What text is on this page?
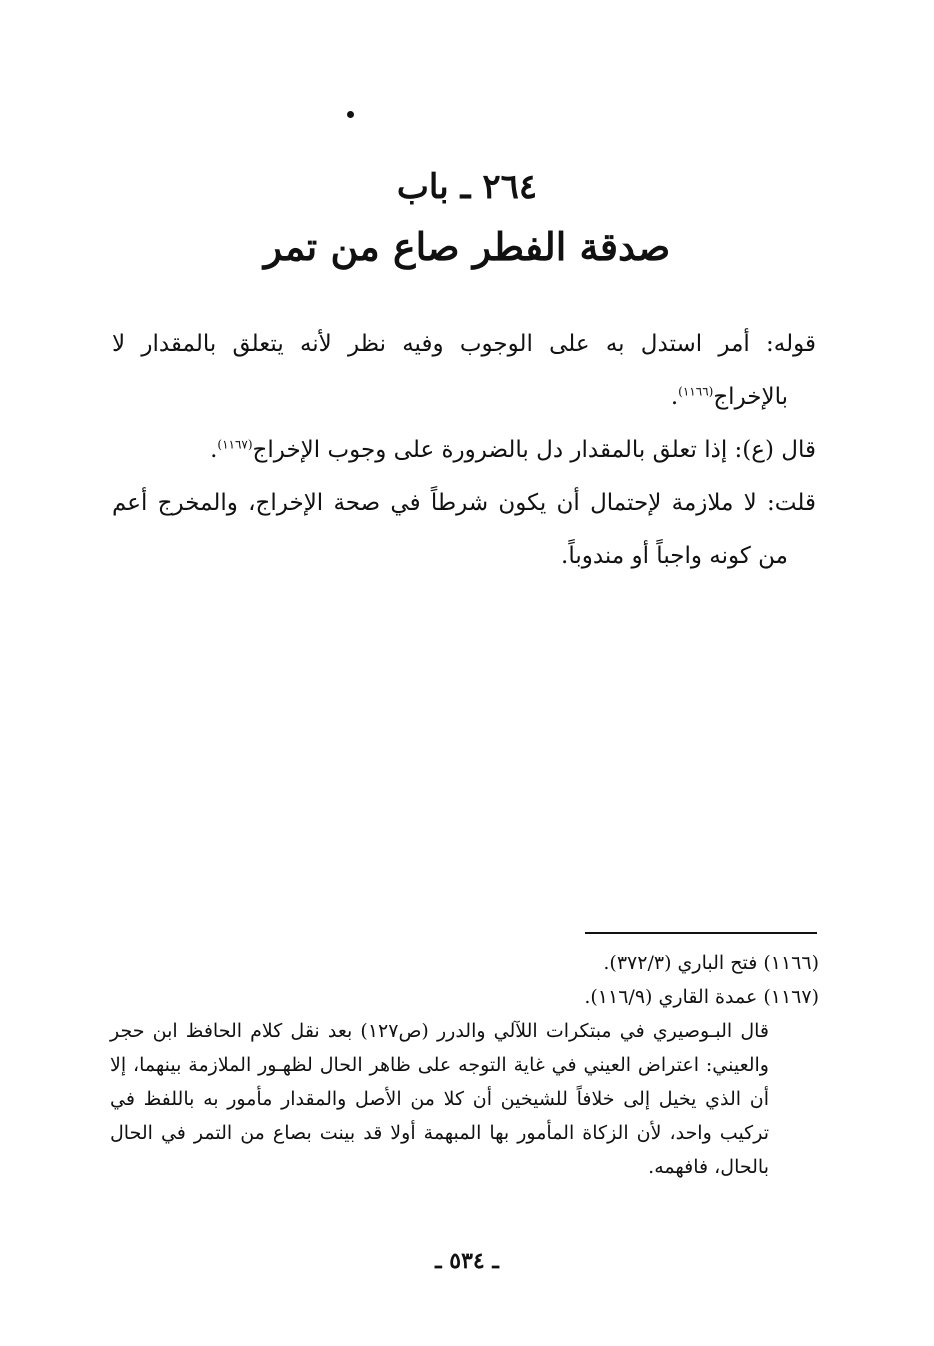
٢٦٤ ـ باب
صدقة الفطر صاع من تمر

قوله: أمر استدل به على الوجوب وفيه نظر لأنه يتعلق بالمقدار لا بالإخراج$^{(١١٦٦)}$.

قال (ع): إذا تعلق بالمقدار دل بالضرورة على وجوب الإخراج$^{(١١٦٧)}$.

قلت: لا ملازمة لإحتمال أن يكون شرطاً في صحة الإخراج، والمخرج أعم من كونه واجباً أو مندوباً.

(١١٦٦) فتح الباري (٣٧٢/٣).

(١١٦٧) عمدة القاري (١١٦/٩).

قال البـوصيري في مبتكرات اللآلي والدرر (ص١٢٧) بعد نقل كلام الحافظ ابن حجر والعيني: اعتراض العيني في غاية التوجه على ظاهر الحال لظهـور الملازمة بينهما، إلا أن الذي يخيل إلى خلافاً للشيخين أن كلا من الأصل والمقدار مأمور به باللفظ في تركيب واحد، لأن الزكاة المأمور بها المبهمة أولا قد بينت بصاع من التمر في الحال بالحال، فافهمه.

ـ ٥٣٤ ـ
